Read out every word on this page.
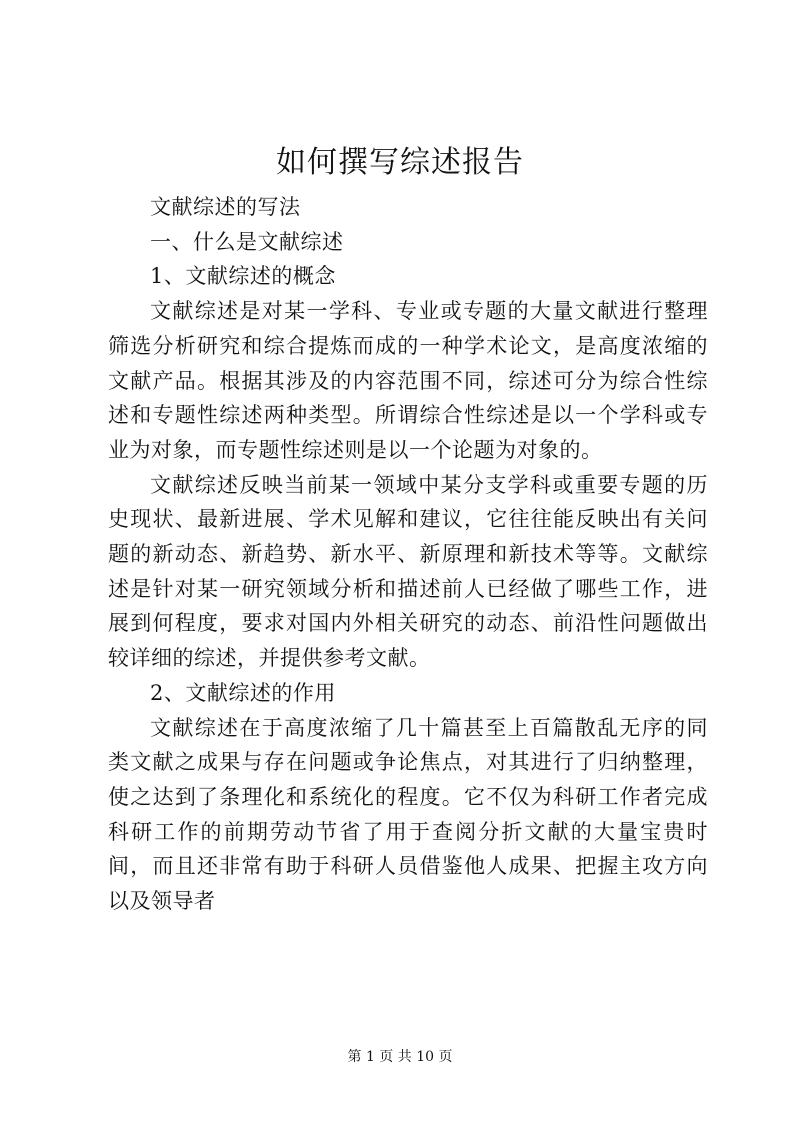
如何撰写综述报告

文献综述的写法

一、什么是文献综述

1、文献综述的概念

文献综述是对某一学科、专业或专题的大量文献进行整理筛选分析研究和综合提炼而成的一种学术论文，是高度浓缩的文献产品。根据其涉及的内容范围不同，综述可分为综合性综述和专题性综述两种类型。所谓综合性综述是以一个学科或专业为对象，而专题性综述则是以一个论题为对象的。

文献综述反映当前某一领域中某分支学科或重要专题的历史现状、最新进展、学术见解和建议，它往往能反映出有关问题的新动态、新趋势、新水平、新原理和新技术等等。文献综述是针对某一研究领域分析和描述前人已经做了哪些工作，进展到何程度，要求对国内外相关研究的动态、前沿性问题做出较详细的综述，并提供参考文献。

2、文献综述的作用

文献综述在于高度浓缩了几十篇甚至上百篇散乱无序的同类文献之成果与存在问题或争论焦点，对其进行了归纳整理，使之达到了条理化和系统化的程度。它不仅为科研工作者完成科研工作的前期劳动节省了用于查阅分折文献的大量宝贵时间，而且还非常有助于科研人员借鉴他人成果、把握主攻方向以及领导者

第 1 页 共 10 页
